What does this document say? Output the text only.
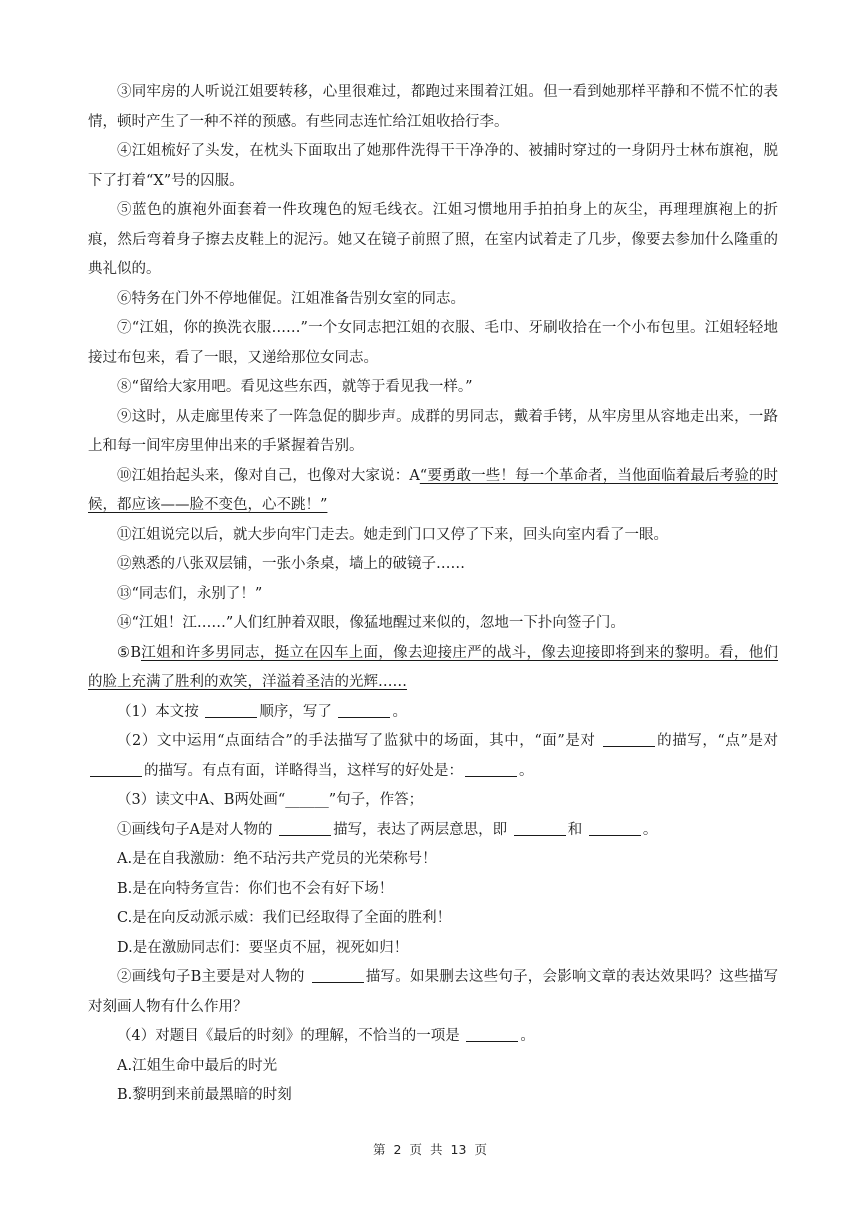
③同牢房的人听说江姐要转移，心里很难过，都跑过来围着江姐。但一看到她那样平静和不慌不忙的表情，顿时产生了一种不祥的预感。有些同志连忙给江姐收拾行李。

④江姐梳好了头发，在枕头下面取出了她那件洗得干干净净的、被捕时穿过的一身阴丹士林布旗袍，脱下了打着“X”号的囚服。

⑤蓝色的旗袍外面套着一件玫瑰色的短毛线衣。江姐习惯地用手拍拍身上的灰尘，再理理旗袍上的折痕，然后弯着身子擦去皮鞋上的泥污。她又在镜子前照了照，在室内试着走了几步，像要去参加什么隆重的典礼似的。

⑥特务在门外不停地催促。江姐准备告别女室的同志。

⑦“江姐，你的换洗衣服……”一个女同志把江姐的衣服、毛巾、牙刷收拾在一个小布包里。江姐轻轻地接过布包来，看了一眼，又递给那位女同志。

⑧“留给大家用吧。看见这些东西，就等于看见我一样。”

⑨这时，从走廊里传来了一阵急促的脚步声。成群的男同志，戴着手铐，从牢房里从容地走出来，一路上和每一间牢房里伸出来的手紧握着告别。

⑩江姐抬起头来，像对自己，也像对大家说：A“要勇敢一些！每一个革命者，当他面临着最后考验的时候，都应该——脸不变色，心不跳！”

⑪江姐说完以后，就大步向牢门走去。她走到门口又停了下来，回头向室内看了一眼。

⑫熟悉的八张双层铺，一张小条桌，墙上的破镜子……

⑬“同志们，永别了！”

⑭“江姐！江……”人们红肿着双眼，像猛地醒过来似的，忽地一下扑向签子门。

⑤B江姐和许多男同志，挺立在囚车上面，像去迎接庄严的战斗，像去迎接即将到来的黎明。看，他们的脸上充满了胜利的欢笑，洋溢着圣洁的光辉……

（1）本文按	顺序，写了	。

（2）文中运用“点面结合”的手法描写了监狱中的场面，其中，“面”是对	的描写，“点”是对 的描写。有点有面，详略得当，这样写的好处是：	。

（3）读文中A、B两处画“______”句子，作答；

①画线句子A是对人物的	描写，表达了两层意思，即	和	。

A.是在自我激励：绝不玷污共产党员的光荣称号！

B.是在向特务宣告：你们也不会有好下场！

C.是在向反动派示威：我们已经取得了全面的胜利！

D.是在激励同志们：要坚贞不屈，视死如归！

②画线句子B主要是对人物的	描写。如果删去这些句子，会影响文章的表达效果吗？这些描写对刻画人物有什么作用？

（4）对题目《最后的时刻》的理解，不恰当的一项是	。

A.江姐生命中最后的时光

B.黎明到来前最黑暗的时刻

第 2 页 共 13 页
